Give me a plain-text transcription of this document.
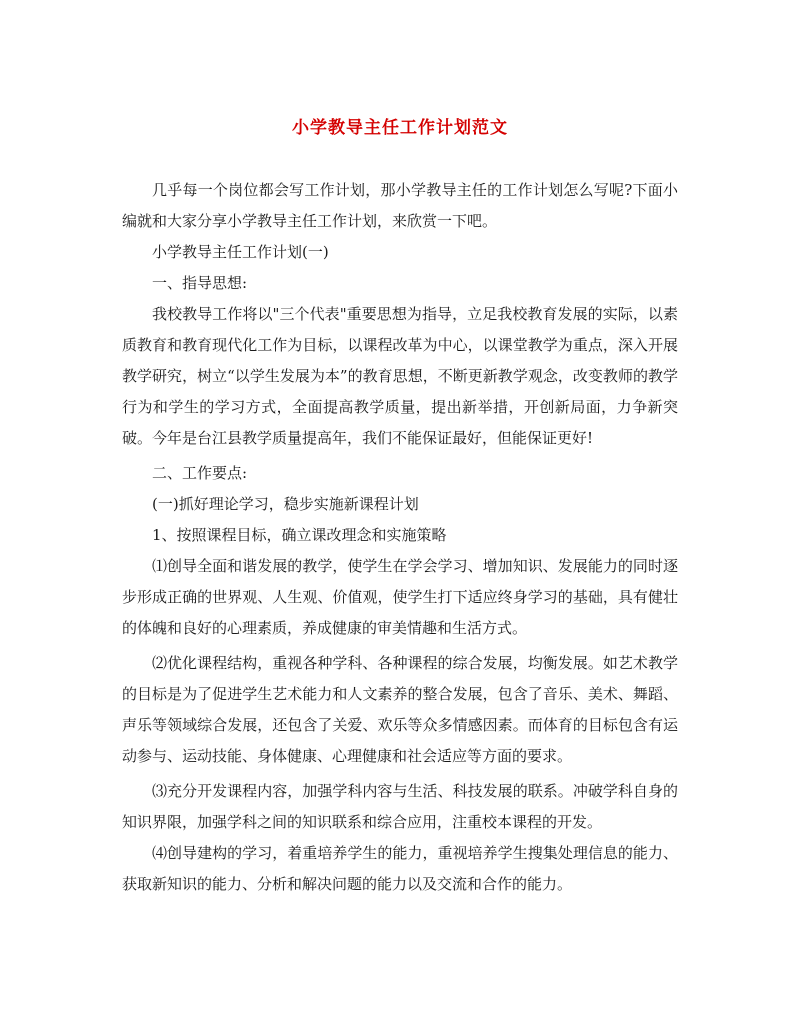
小学教导主任工作计划范文

几乎每一个岗位都会写工作计划，那小学教导主任的工作计划怎么写呢?下面小编就和大家分享小学教导主任工作计划，来欣赏一下吧。

小学教导主任工作计划(一)

一、指导思想:

我校教导工作将以"三个代表"重要思想为指导，立足我校教育发展的实际，以素质教育和教育现代化工作为目标，以课程改革为中心，以课堂教学为重点，深入开展教学研究，树立“以学生发展为本”的教育思想，不断更新教学观念，改变教师的教学行为和学生的学习方式，全面提高教学质量，提出新举措，开创新局面，力争新突破。今年是台江县教学质量提高年，我们不能保证最好，但能保证更好!

二、工作要点:

(一)抓好理论学习，稳步实施新课程计划

1、按照课程目标，确立课改理念和实施策略

⑴创导全面和谐发展的教学，使学生在学会学习、增加知识、发展能力的同时逐步形成正确的世界观、人生观、价值观，使学生打下适应终身学习的基础，具有健壮的体魄和良好的心理素质，养成健康的审美情趣和生活方式。

⑵优化课程结构，重视各种学科、各种课程的综合发展，均衡发展。如艺术教学的目标是为了促进学生艺术能力和人文素养的整合发展，包含了音乐、美术、舞蹈、声乐等领域综合发展，还包含了关爱、欢乐等众多情感因素。而体育的目标包含有运动参与、运动技能、身体健康、心理健康和社会适应等方面的要求。

⑶充分开发课程内容，加强学科内容与生活、科技发展的联系。冲破学科自身的知识界限，加强学科之间的知识联系和综合应用，注重校本课程的开发。

⑷创导建构的学习，着重培养学生的能力，重视培养学生搜集处理信息的能力、获取新知识的能力、分析和解决问题的能力以及交流和合作的能力。
